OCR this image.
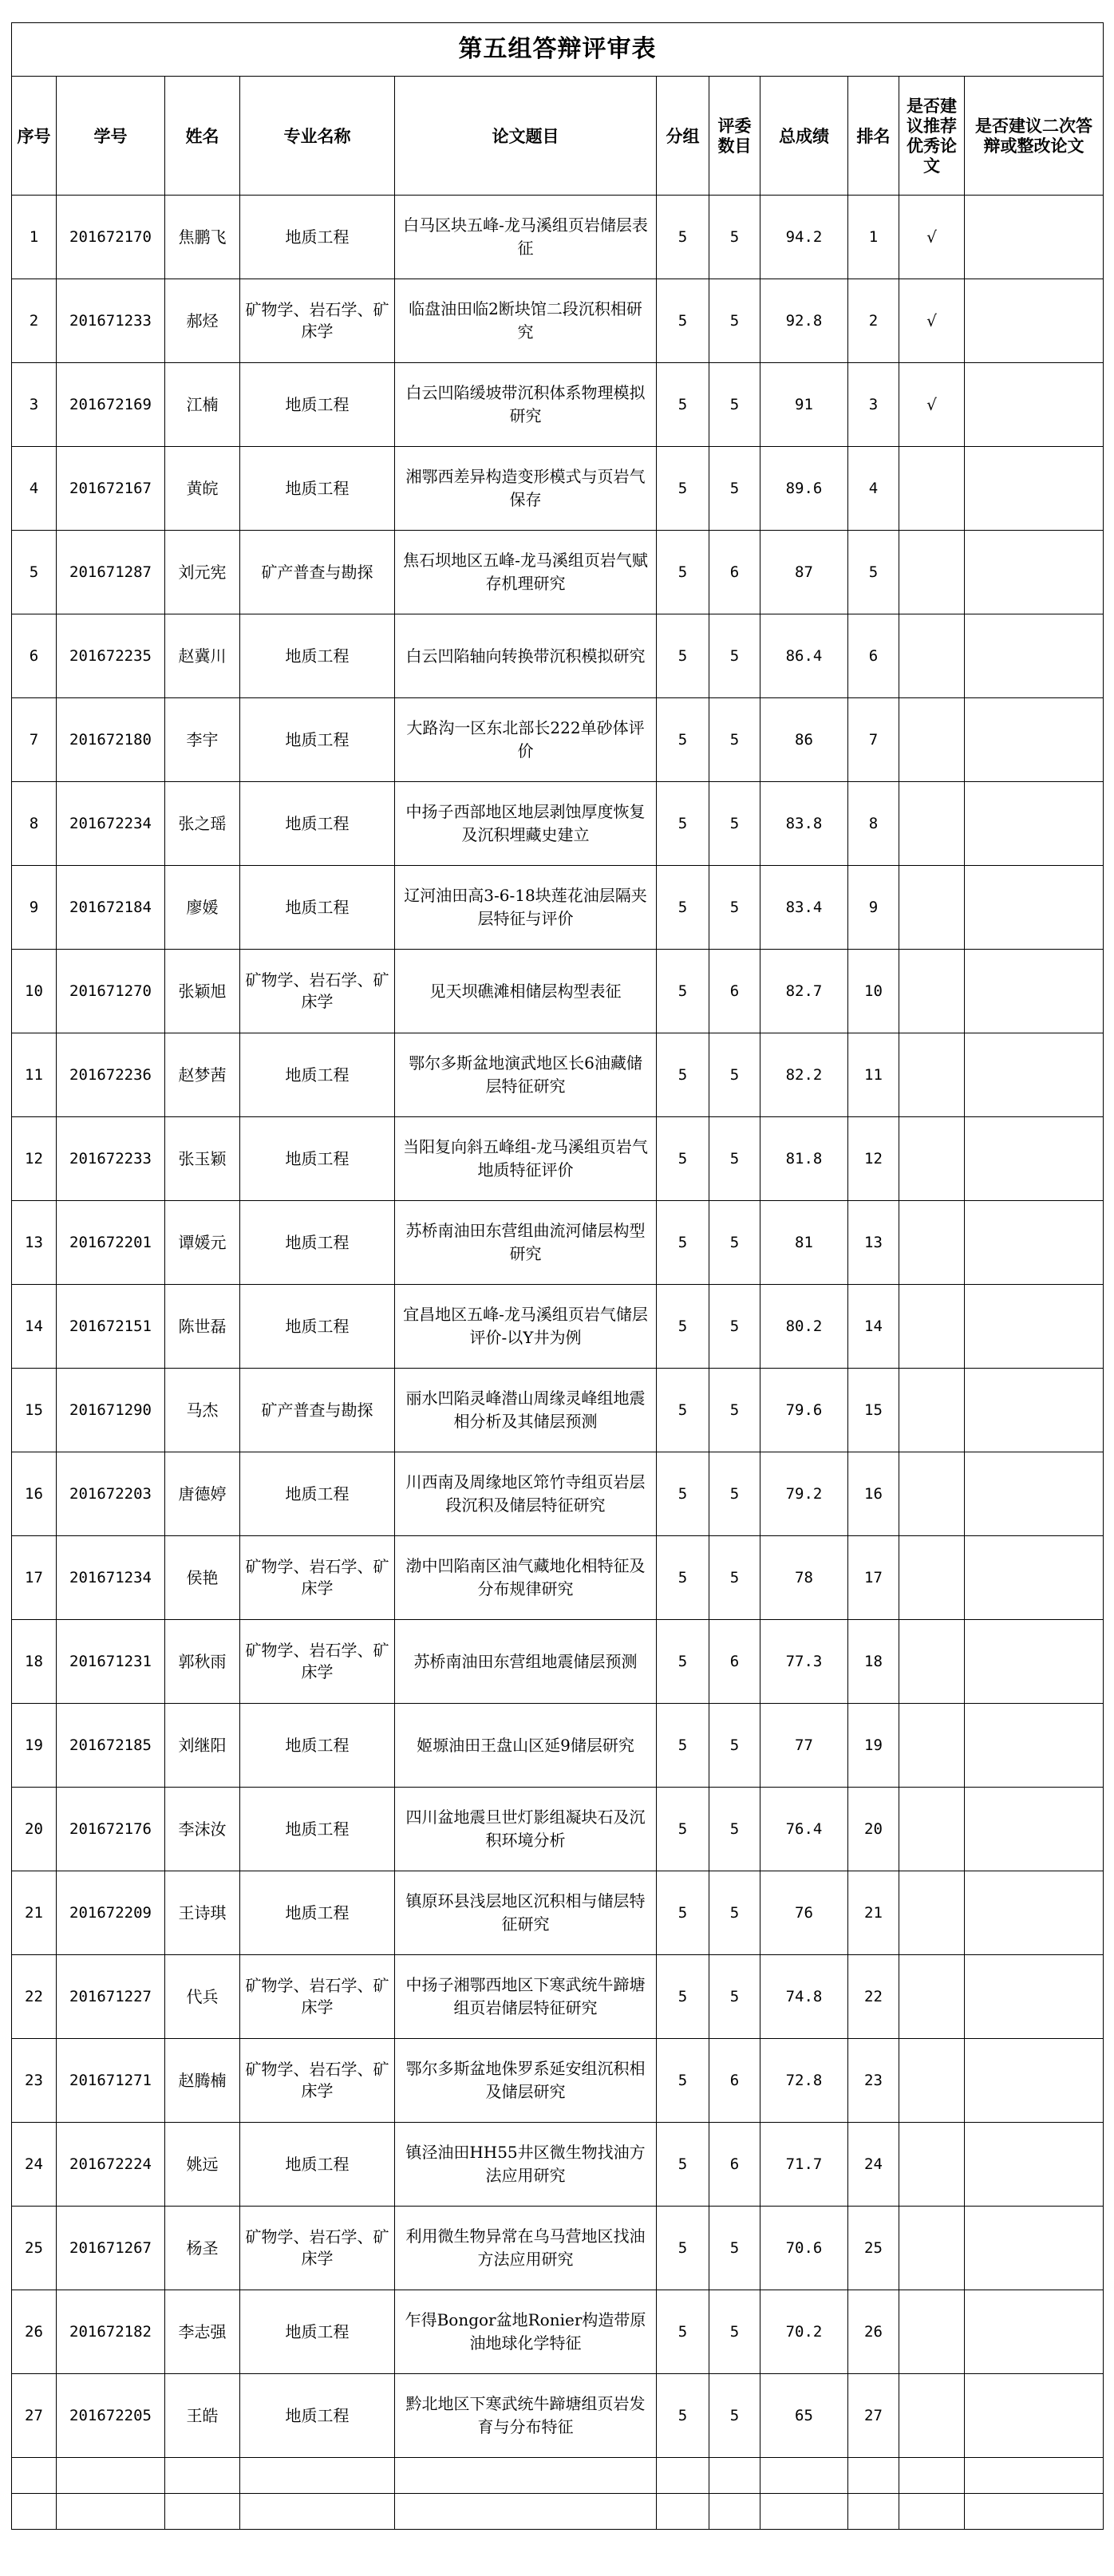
第五组答辩评审表										
序号	学号	姓名	专业名称	论文题目	分组	评委数目	总成绩	排名	是否建议推荐优秀论文	是否建议二次答辩或整改论文
1	201672170	焦鹏飞	地质工程	白马区块五峰-龙马溪组页岩储层表征	5	5	94.2	1	√	
2	201671233	郝烃	矿物学、岩石学、矿床学	临盘油田临2断块馆二段沉积相研究	5	5	92.8	2	√	
3	201672169	江楠	地质工程	白云凹陷缓坡带沉积体系物理模拟研究	5	5	91	3	√	
4	201672167	黄皖	地质工程	湘鄂西差异构造变形模式与页岩气保存	5	5	89.6	4		
5	201671287	刘元宪	矿产普查与勘探	焦石坝地区五峰-龙马溪组页岩气赋存机理研究	5	6	87	5		
6	201672235	赵冀川	地质工程	白云凹陷轴向转换带沉积模拟研究	5	5	86.4	6		
7	201672180	李宇	地质工程	大路沟一区东北部长222单砂体评价	5	5	86	7		
8	201672234	张之瑶	地质工程	中扬子西部地区地层剥蚀厚度恢复及沉积埋藏史建立	5	5	83.8	8		
9	201672184	廖媛	地质工程	辽河油田高3-6-18块莲花油层隔夹层特征与评价	5	5	83.4	9		
10	201671270	张颖旭	矿物学、岩石学、矿床学	见天坝礁滩相储层构型表征	5	6	82.7	10		
11	201672236	赵梦茜	地质工程	鄂尔多斯盆地演武地区长6油藏储层特征研究	5	5	82.2	11		
12	201672233	张玉颖	地质工程	当阳复向斜五峰组-龙马溪组页岩气地质特征评价	5	5	81.8	12		
13	201672201	谭媛元	地质工程	苏桥南油田东营组曲流河储层构型研究	5	5	81	13		
14	201672151	陈世磊	地质工程	宜昌地区五峰-龙马溪组页岩气储层评价-以Y井为例	5	5	80.2	14		
15	201671290	马杰	矿产普查与勘探	丽水凹陷灵峰潜山周缘灵峰组地震相分析及其储层预测	5	5	79.6	15		
16	201672203	唐德婷	地质工程	川西南及周缘地区筇竹寺组页岩层段沉积及储层特征研究	5	5	79.2	16		
17	201671234	侯艳	矿物学、岩石学、矿床学	渤中凹陷南区油气藏地化相特征及分布规律研究	5	5	78	17		
18	201671231	郭秋雨	矿物学、岩石学、矿床学	苏桥南油田东营组地震储层预测	5	6	77.3	18		
19	201672185	刘继阳	地质工程	姬塬油田王盘山区延9储层研究	5	5	77	19		
20	201672176	李沫汝	地质工程	四川盆地震旦世灯影组凝块石及沉积环境分析	5	5	76.4	20		
21	201672209	王诗琪	地质工程	镇原环县浅层地区沉积相与储层特征研究	5	5	76	21		
22	201671227	代兵	矿物学、岩石学、矿床学	中扬子湘鄂西地区下寒武统牛蹄塘组页岩储层特征研究	5	5	74.8	22		
23	201671271	赵腾楠	矿物学、岩石学、矿床学	鄂尔多斯盆地侏罗系延安组沉积相及储层研究	5	6	72.8	23		
24	201672224	姚远	地质工程	镇泾油田HH55井区微生物找油方法应用研究	5	6	71.7	24		
25	201671267	杨圣	矿物学、岩石学、矿床学	利用微生物异常在乌马营地区找油方法应用研究	5	5	70.6	25		
26	201672182	李志强	地质工程	乍得Bongor盆地Ronier构造带原油地球化学特征	5	5	70.2	26		
27	201672205	王皓	地质工程	黔北地区下寒武统牛蹄塘组页岩发育与分布特征	5	5	65	27		
